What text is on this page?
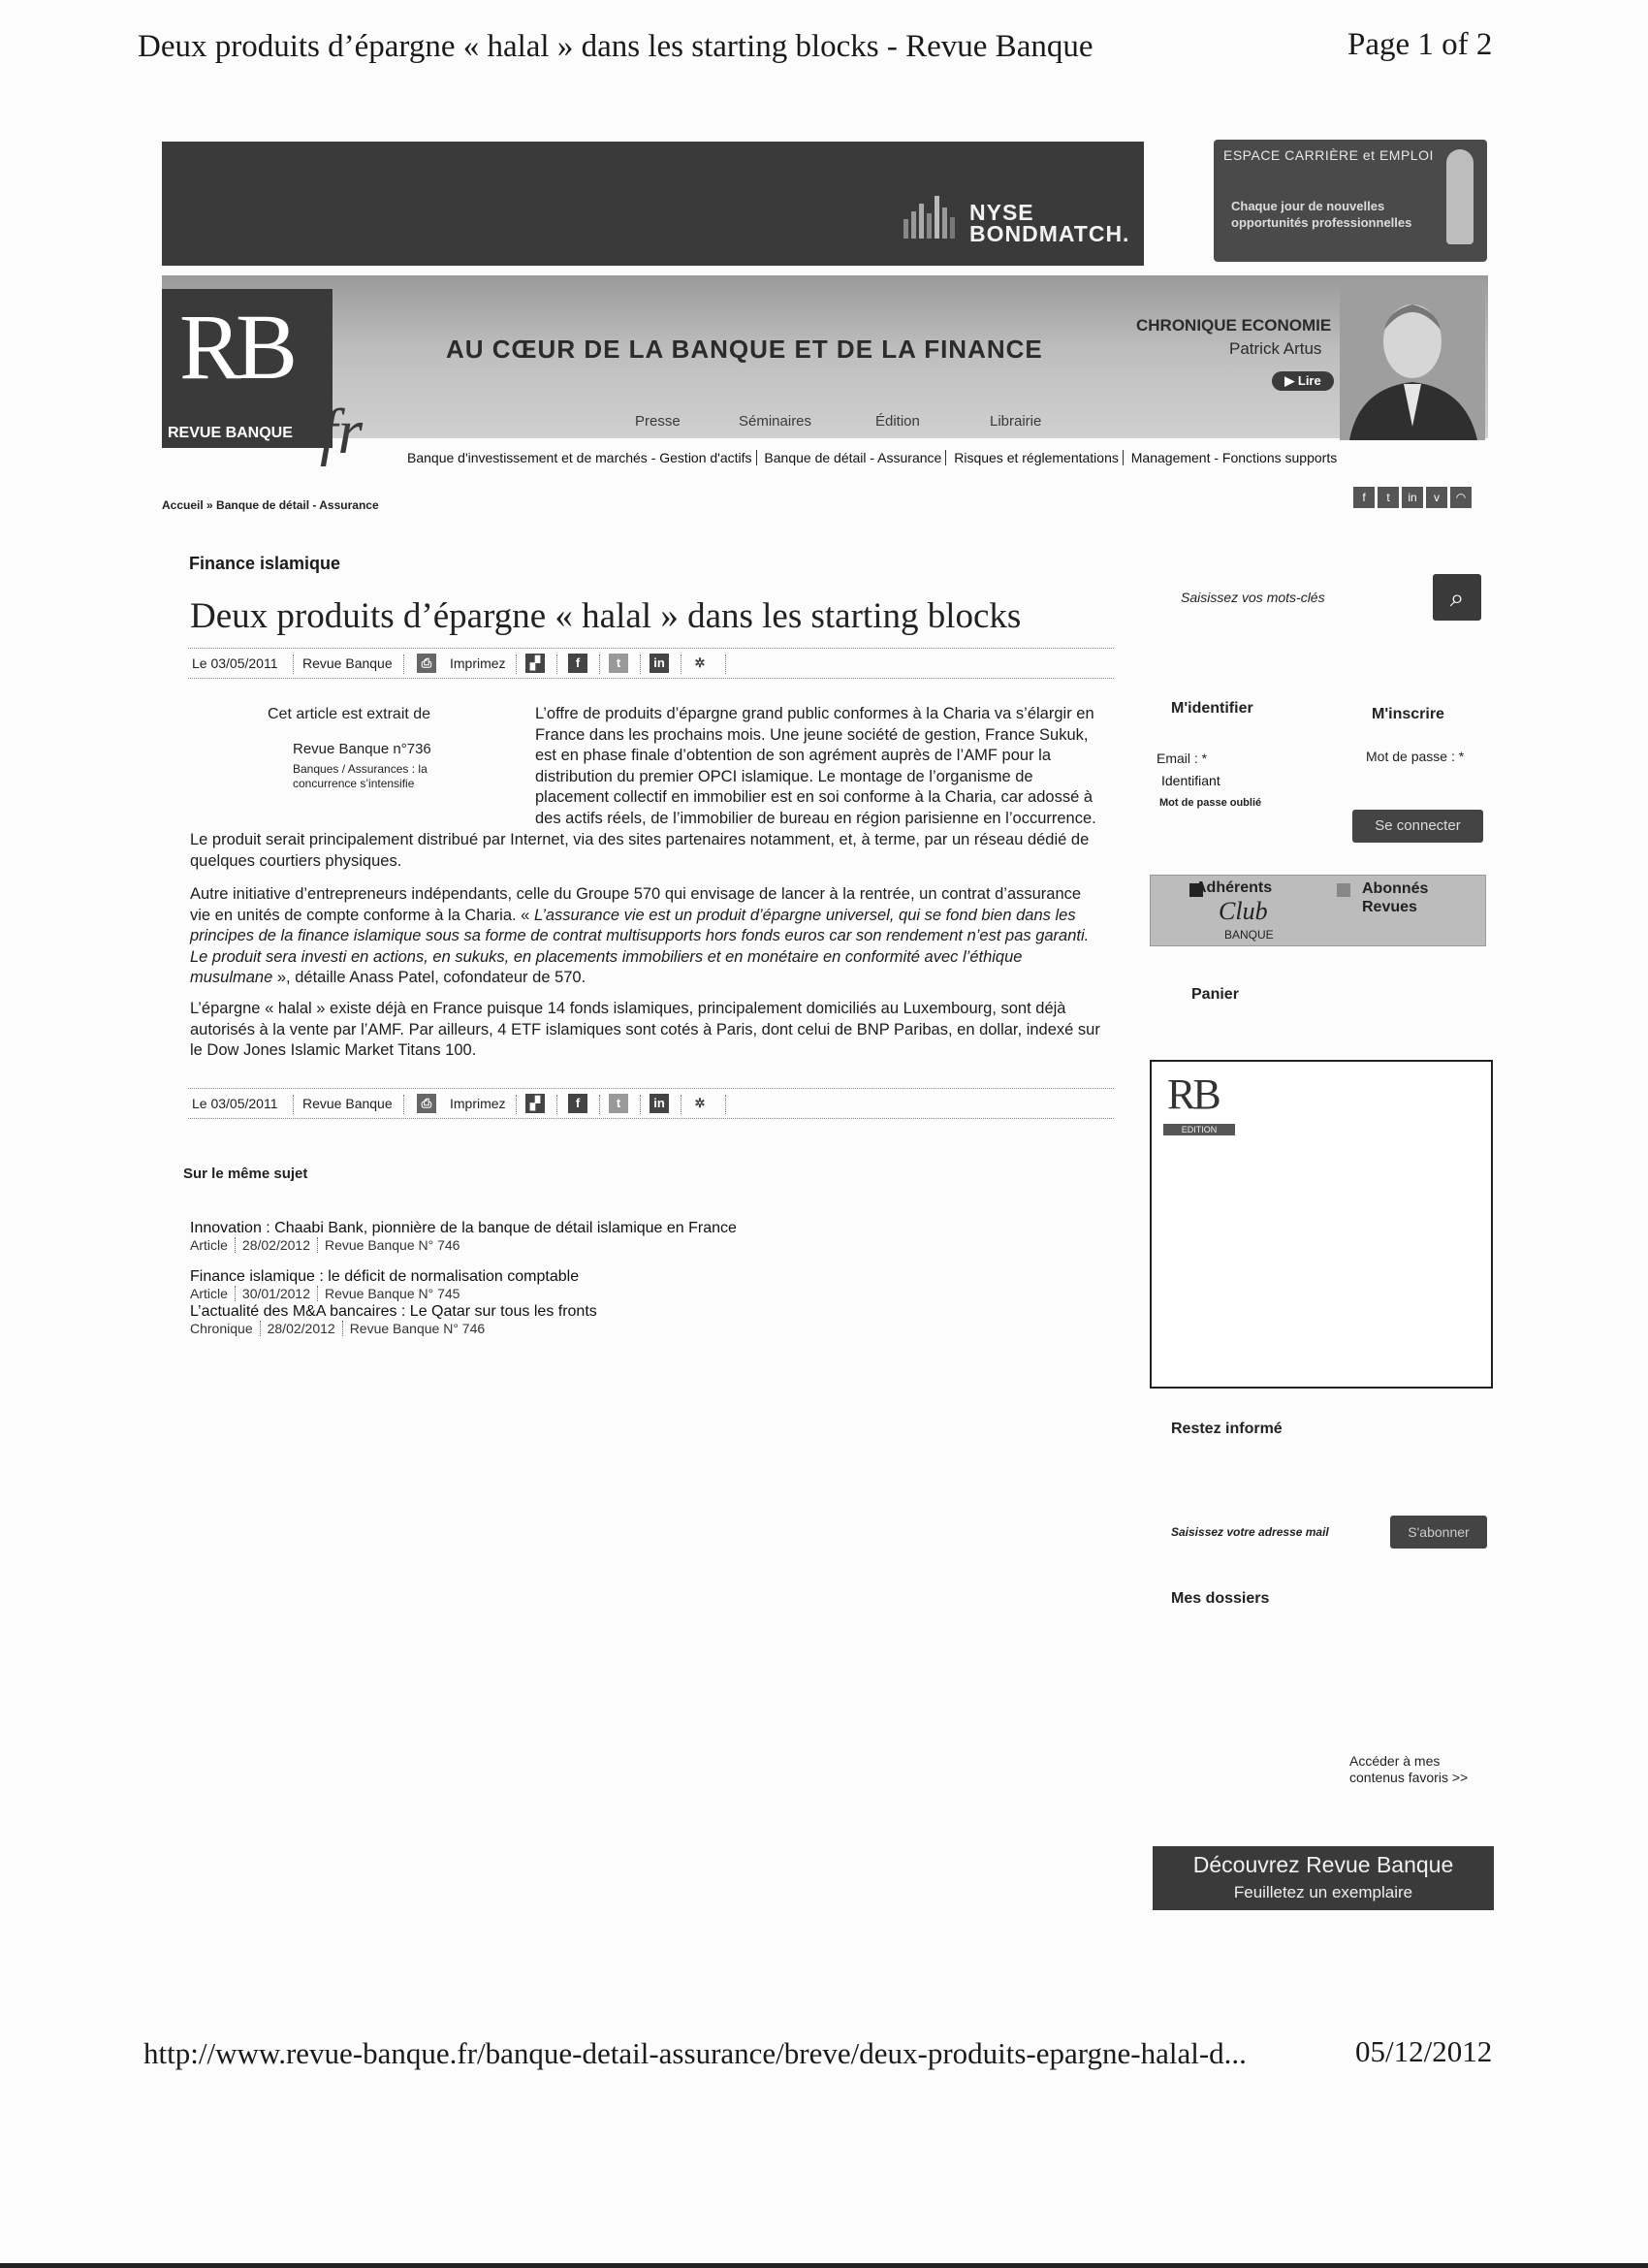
Deux produits d’épargne « halal » dans les starting blocks - Revue Banque	Page 1 of 2
NYSE
BONDMATCH.
ESPACE CARRIÈRE et EMPLOI
Chaque jour de nouvelles
opportunités professionnelles
RB
REVUE BANQUE fr
AU CŒUR DE LA BANQUE ET DE LA FINANCE
CHRONIQUE ECONOMIE
Patrick Artus
▶ Lire
Presse	Séminaires	Édition	Librairie
Banque d'investissement et de marchés - Gestion d'actifs Banque de détail - Assurance Risques et réglementations Management - Fonctions supports
Accueil » Banque de détail - Assurance
f t in v ◠
Finance islamique
Deux produits d’épargne « halal » dans les starting blocks
Le 03/05/2011 Revue Banque	⎙	Imprimez	▞	f	t	in	✲
Cet article est extrait de
Revue Banque n°736
Banques / Assurances : la concurrence s’intensifie
L’offre de produits d’épargne grand public conformes à la Charia va s’élargir en France dans les prochains mois. Une jeune société de gestion, France Sukuk, est en phase finale d’obtention de son agrément auprès de l’AMF pour la distribution du premier OPCI islamique. Le montage de l’organisme de placement collectif en immobilier est en soi conforme à la Charia, car adossé à des actifs réels, de l’immobilier de bureau en région parisienne en l’occurrence.
Le produit serait principalement distribué par Internet, via des sites partenaires notamment, et, à terme, par un réseau dédié de quelques courtiers physiques.
Autre initiative d’entrepreneurs indépendants, celle du Groupe 570 qui envisage de lancer à la rentrée, un contrat d’assurance vie en unités de compte conforme à la Charia. « L’assurance vie est un produit d’épargne universel, qui se fond bien dans les principes de la finance islamique sous sa forme de contrat multisupports hors fonds euros car son rendement n’est pas garanti. Le produit sera investi en actions, en sukuks, en placements immobiliers et en monétaire en conformité avec l’éthique musulmane », détaille Anass Patel, cofondateur de 570.
L’épargne « halal » existe déjà en France puisque 14 fonds islamiques, principalement domiciliés au Luxembourg, sont déjà autorisés à la vente par l’AMF. Par ailleurs, 4 ETF islamiques sont cotés à Paris, dont celui de BNP Paribas, en dollar, indexé sur le Dow Jones Islamic Market Titans 100.
Le 03/05/2011 Revue Banque	⎙	Imprimez	▞	f	t	in	✲
Sur le même sujet
Innovation : Chaabi Bank, pionnière de la banque de détail islamique en France
Article 28/02/2012 Revue Banque N° 746
Finance islamique : le déficit de normalisation comptable
Article 30/01/2012 Revue Banque N° 745
L’actualité des M&A bancaires : Le Qatar sur tous les fronts
Chronique 28/02/2012 Revue Banque N° 746
Saisissez vos mots-clés	⌕
M'identifier	M'inscrire
Email : *	Mot de passe : *
Identifiant
Mot de passe oublié
Se connecter
Adhérents
Club
BANQUE
Abonnés
Revues
Panier
RB
EDITION
Restez informé
Saisissez votre adresse mail	S'abonner
Mes dossiers
Accéder à mes
contenus favoris >>
Découvrez Revue Banque
Feuilletez un exemplaire
http://www.revue-banque.fr/banque-detail-assurance/breve/deux-produits-epargne-halal-d...	05/12/2012
